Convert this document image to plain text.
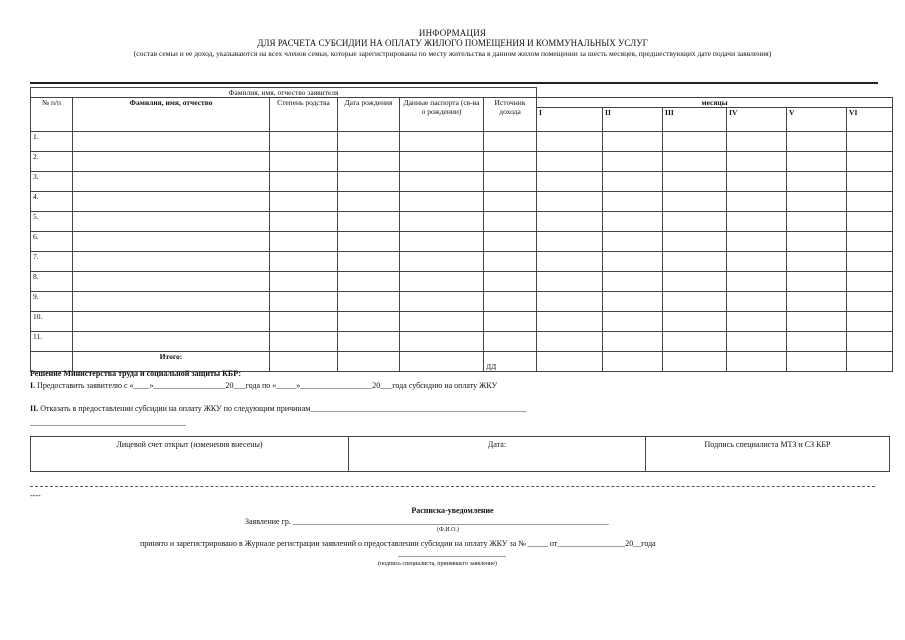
ИНФОРМАЦИЯ
ДЛЯ РАСЧЕТА СУБСИДИИ НА ОПЛАТУ ЖИЛОГО ПОМЕЩЕНИЯ И КОММУНАЛЬНЫХ УСЛУГ
(состав семьи и ее доход, указываются на всех членов семьи, которые зарегистрированы по месту жительства в данном жилом помещении за шесть месяцев, предшествующих дате подачи заявления)
Фамилия, имя, отчество заявителя											
№ п/п	Фамилия, имя, отчество	Степень родства	Дата рождения	Данные паспорта (св-ва о рождении)	Источник дохода	месяцы					
						I	II	III	IV	V	VI
1.											
2.											
3.											
4.											
5.											
6.											
7.											
8.											
9.											
10.											
11.											
	Итого:				ДД						
Решение Министерства труда и социальной защиты КБР:
I. Предоставить заявителю с «____»__________________20___года по «_____»__________________20___года субсидию на оплату ЖКУ
II. Отказать в предоставлении субсидии на оплату ЖКУ по следующим причинам______________________________________________________
_______________________________________
Лицевой счет открыт (изменения внесены)	Дата:	Подпись специалиста МТЗ и СЗ КБР
----
Расписка-уведомление
Заявление гр. _______________________________________________________________________________
(Ф.И.О.)
принято и зарегистрировано в Журнале регистрации заявлений о предоставлении субсидии на оплату ЖКУ за № _____ от_________________20__года
___________________________
(подпись специалиста, принявшего заявление)
